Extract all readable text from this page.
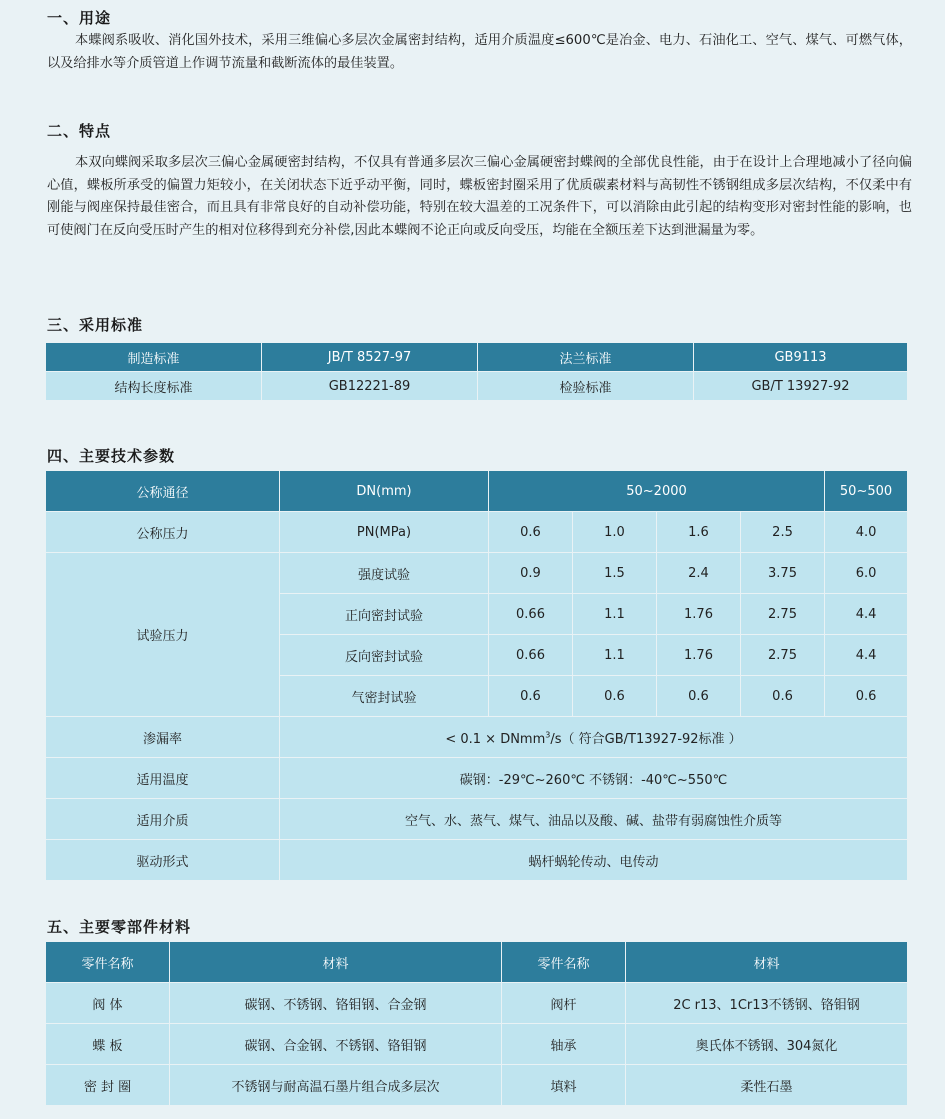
一、用途

本蝶阀系吸收、消化国外技术，采用三维偏心多层次金属密封结构，适用介质温度≤600℃是冶金、电力、石油化工、空气、煤气、可燃气体，以及给排水等介质管道上作调节流量和截断流体的最佳装置。

二、特点

本双向蝶阀采取多层次三偏心金属硬密封结构，不仅具有普通多层次三偏心金属硬密封蝶阀的全部优良性能，由于在设计上合理地减小了径向偏心值，蝶板所承受的偏置力矩较小，在关闭状态下近乎动平衡，同时，蝶板密封圈采用了优质碳素材料与高韧性不锈钢组成多层次结构，不仅柔中有刚能与阀座保持最佳密合，而且具有非常良好的自动补偿功能，特别在较大温差的工况条件下，可以消除由此引起的结构变形对密封性能的影响，也可使阀门在反向受压时产生的相对位移得到充分补偿,因此本蝶阀不论正向或反向受压，均能在全额压差下达到泄漏量为零。

三、采用标准
制造标准	JB/T 8527-97	法兰标准	GB9113
结构长度标准	GB12221-89	检验标准	GB/T 13927-92
四、主要技术参数
公称通径	DN(mm)	50~2000				50~500
公称压力	PN(MPa)	0.6	1.0	1.6	2.5	4.0
试验压力	强度试验	0.9	1.5	2.4	3.75	6.0
	正向密封试验	0.66	1.1	1.76	2.75	4.4
	反向密封试验	0.66	1.1	1.76	2.75	4.4
	气密封试验	0.6	0.6	0.6	0.6	0.6
渗漏率	< 0.1 × DNmm$^3$/s（ 符合GB/T13927-92标准 ）					
适用温度	碳钢：-29℃~260℃ 不锈钢：-40℃~550℃					
适用介质	空气、水、蒸气、煤气、油品以及酸、碱、盐带有弱腐蚀性介质等					
驱动形式	蜗杆蜗轮传动、电传动					
五、主要零部件材料
零件名称	材料	零件名称	材料
阀 体	碳钢、不锈钢、铬钼钢、合金钢	阀杆	2C r13、1Cr13不锈钢、铬钼钢
蝶 板	碳钢、合金钢、不锈钢、铬钼钢	轴承	奥氏体不锈钢、304氮化
密 封 圈	不锈钢与耐高温石墨片组合成多层次	填料	柔性石墨
